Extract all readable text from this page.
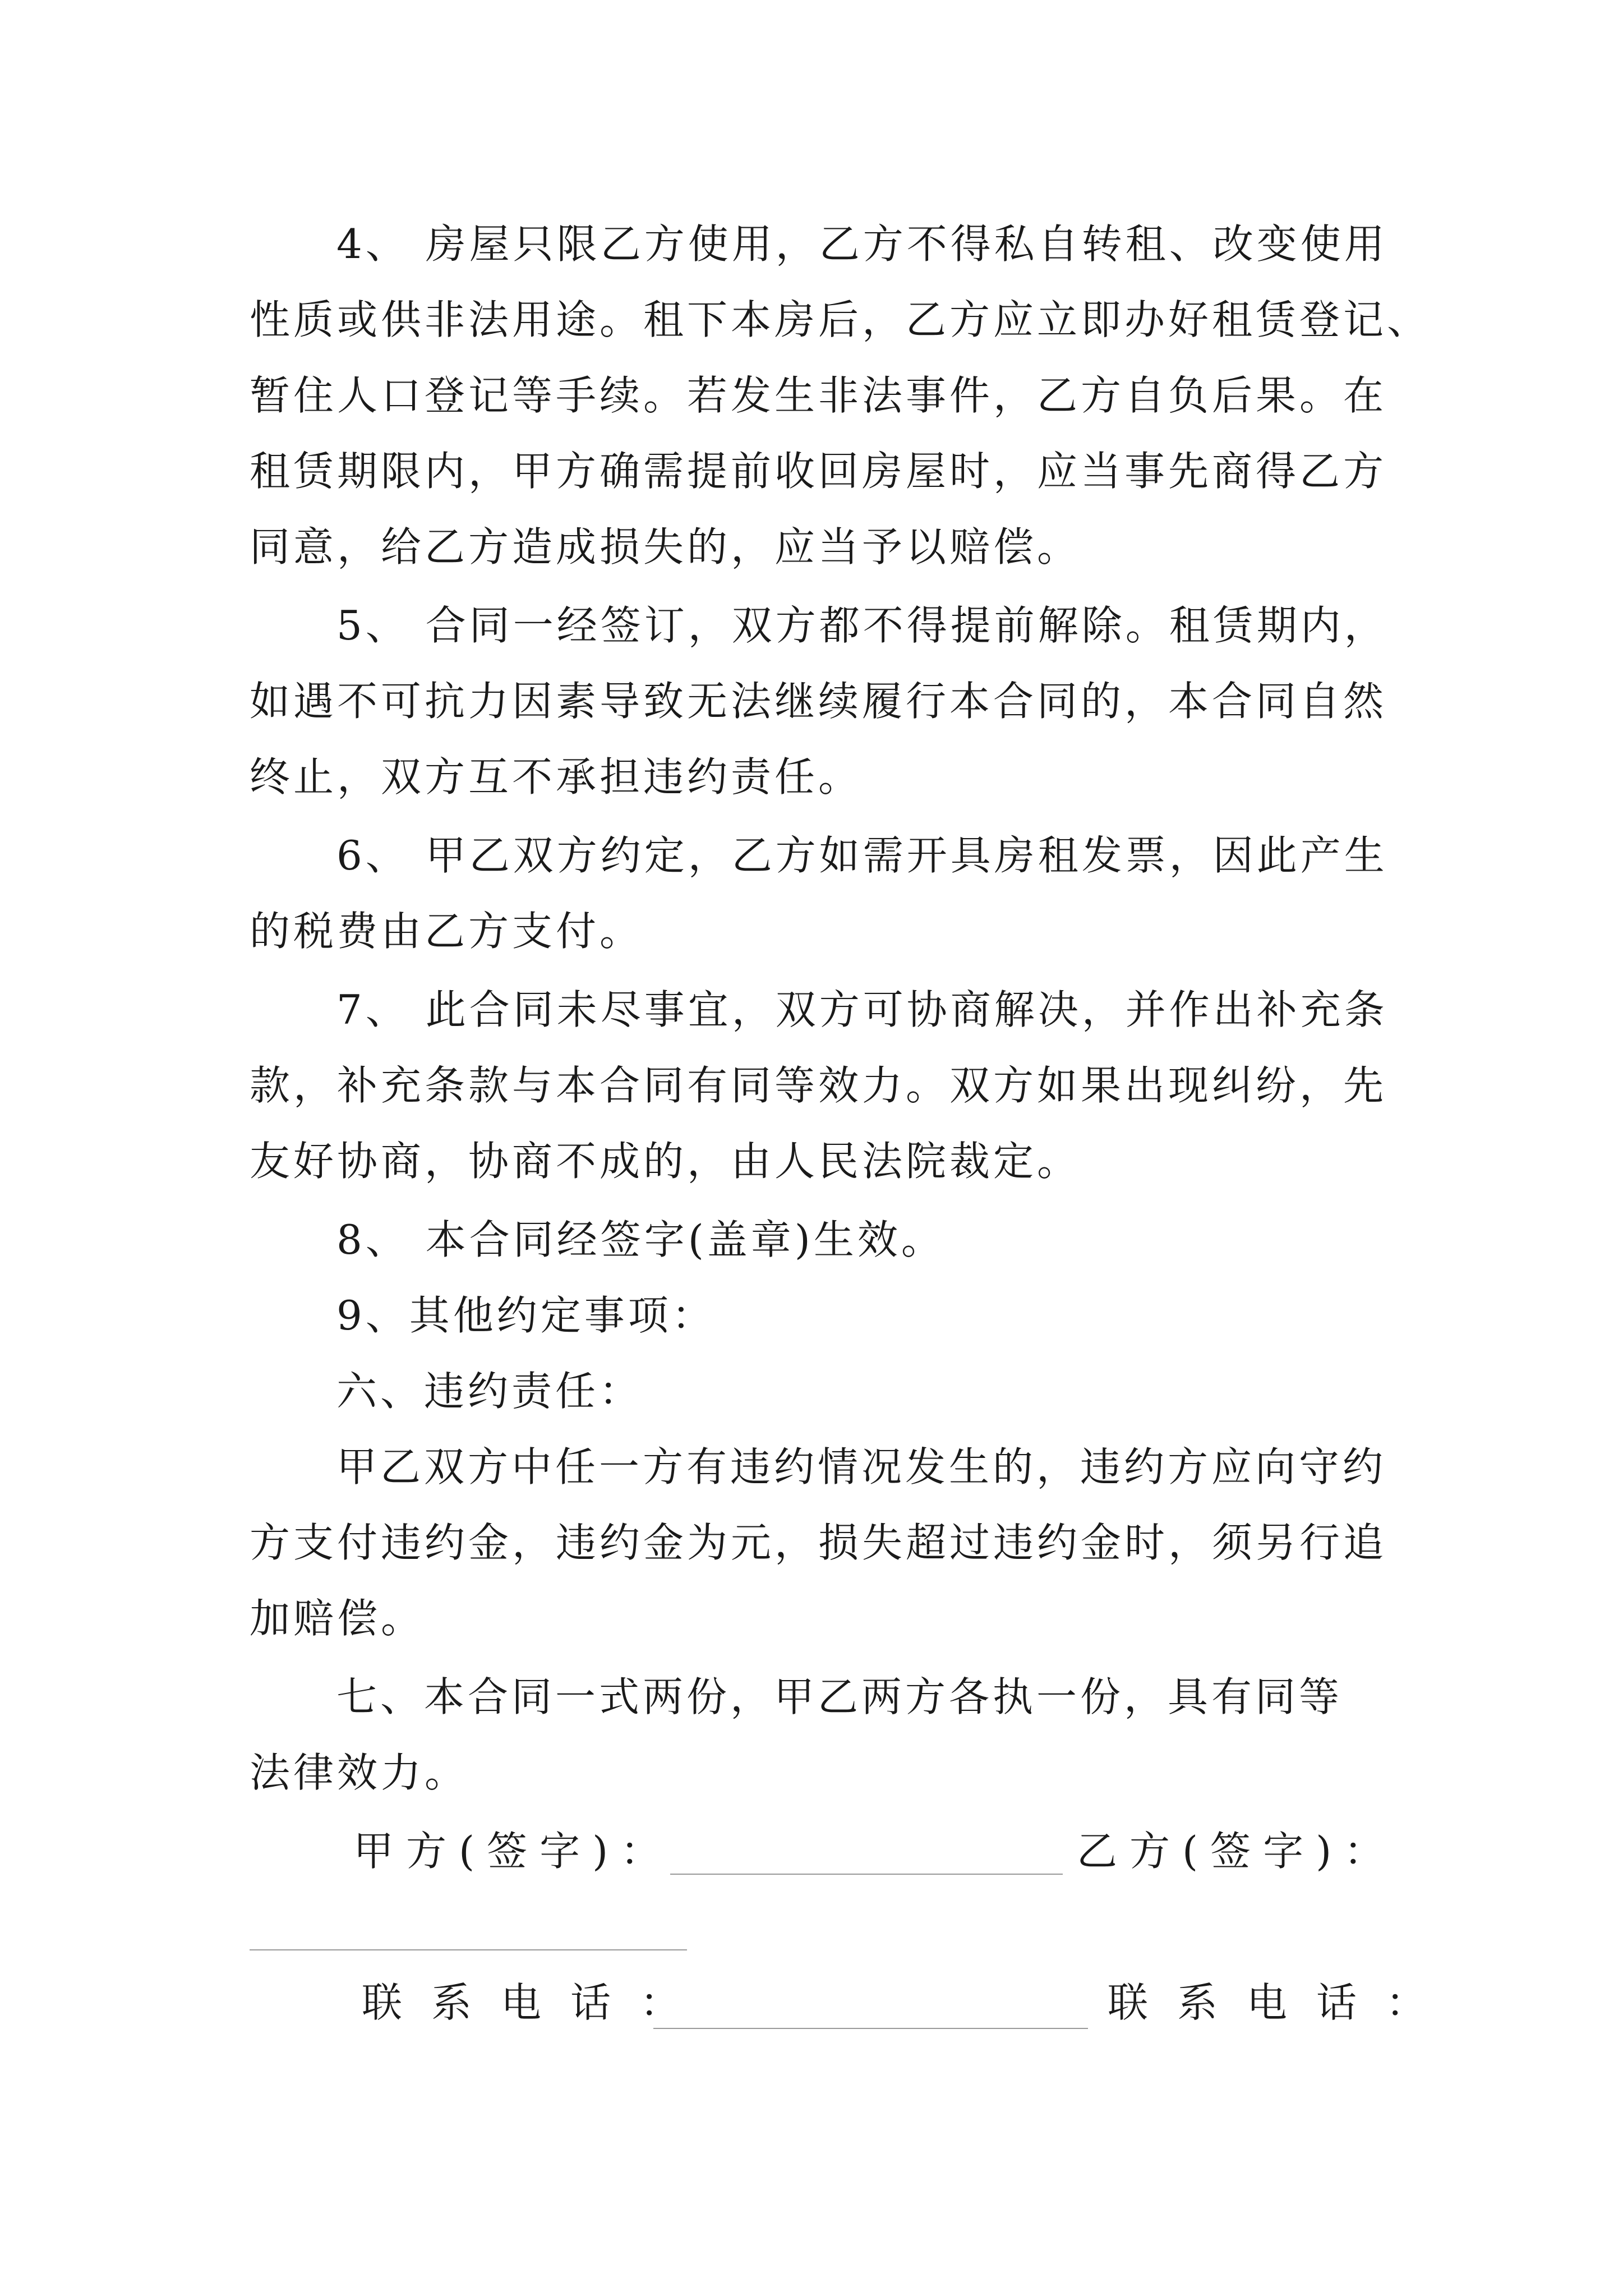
4、 房屋只限乙方使用，乙方不得私自转租、改变使用
性质或供非法用途。租下本房后，乙方应立即办好租赁登记、
暂住人口登记等手续。若发生非法事件，乙方自负后果。在
租赁期限内，甲方确需提前收回房屋时，应当事先商得乙方
同意，给乙方造成损失的，应当予以赔偿。
5、 合同一经签订，双方都不得提前解除。租赁期内，
如遇不可抗力因素导致无法继续履行本合同的，本合同自然
终止，双方互不承担违约责任。
6、 甲乙双方约定，乙方如需开具房租发票，因此产生
的税费由乙方支付。
7、 此合同未尽事宜，双方可协商解决，并作出补充条
款，补充条款与本合同有同等效力。双方如果出现纠纷，先
友好协商，协商不成的，由人民法院裁定。
8、 本合同经签字(盖章)生效。
9、其他约定事项：
六、违约责任：
甲乙双方中任一方有违约情况发生的，违约方应向守约
方支付违约金，违约金为元，损失超过违约金时，须另行追
加赔偿。
七、本合同一式两份，甲乙两方各执一份，具有同等
法律效力。
甲方(签字)：	乙方(签字)：
联系电话：	联系电话：
